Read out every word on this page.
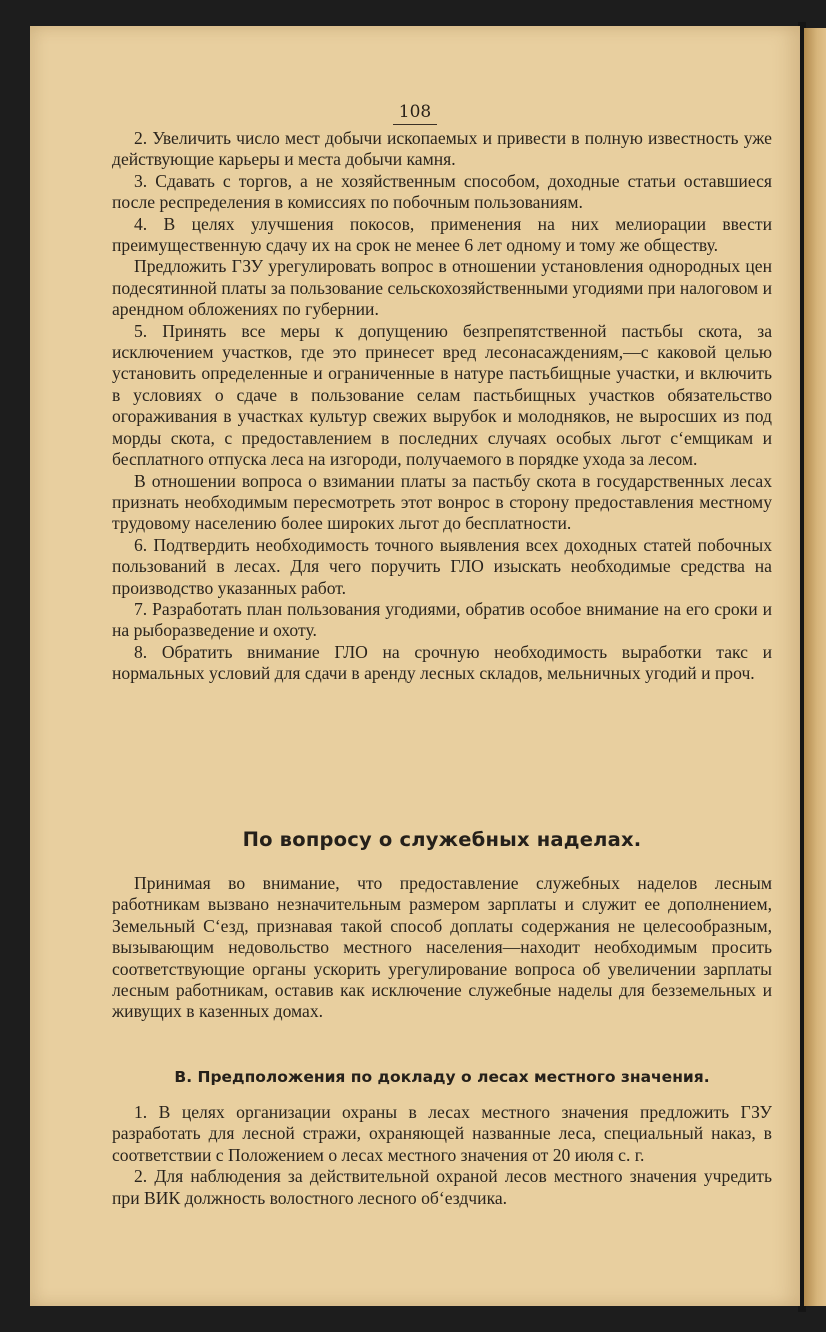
108

2. Увеличить число мест добычи ископаемых и привести в полную известность уже действующие карьеры и места добычи камня.

3. Сдавать с торгов, а не хозяйственным способом, доходные статьи оставшиеся после респределения в комиссиях по побочным пользованиям.

4. В целях улучшения покосов, применения на них мелиорации ввести преимущественную сдачу их на срок не менее 6 лет одному и тому же обществу.

Предложить ГЗУ урегулировать вопрос в отношении установления однородных цен подесятинной платы за пользование сельскохозяйственными угодиями при налоговом и арендном обложениях по губернии.

5. Принять все меры к допущению безпрепятственной пастьбы скота, за исключением участков, где это принесет вред лесонасаждениям,—с каковой целью установить определенные и ограниченные в натуре пастьбищные участки, и включить в условиях о сдаче в пользование селам пастьбищных участков обязательство огораживания в участках культур свежих вырубок и молодняков, не выросших из под морды скота, с предоставлением в последних случаях особых льгот с‘емщикам и бесплатного отпуска леса на изгороди, получаемого в порядке ухода за лесом.

В отношении вопроса о взимании платы за пастьбу скота в государственных лесах признать необходимым пересмотреть этот вонрос в сторону предоставления местному трудовому населению более широких льгот до бесплатности.

6. Подтвердить необходимость точного выявления всех доходных статей побочных пользований в лесах. Для чего поручить ГЛО изыскать необходимые средства на производство указанных работ.

7. Разработать план пользования угодиями, обратив особое внимание на его сроки и на рыборазведение и охоту.

8. Обратить внимание ГЛО на срочную необходимость выработки такс и нормальных условий для сдачи в аренду лесных складов, мельничных угодий и проч.

По вопросу о служебных наделах.

Принимая во внимание, что предоставление служебных наделов лесным работникам вызвано незначительным размером зарплаты и служит ее дополнением, Земельный С‘езд, признавая такой способ доплаты содержания не целесообразным, вызывающим недовольство местного населения—находит необходимым просить соответствующие органы ускорить урегулирование вопроса об увеличении зарплаты лесным работникам, оставив как исключение служебные наделы для безземельных и живущих в казенных домах.

В. Предположения по докладу о лесах местного значения.

1. В целях организации охраны в лесах местного значения предложить ГЗУ разработать для лесной стражи, охраняющей названные леса, специальный наказ, в соответствии с Положением о лесах местного значения от 20 июля с. г.

2. Для наблюдения за действительной охраной лесов местного значения учредить при ВИК должность волостного лесного об‘ездчика.
